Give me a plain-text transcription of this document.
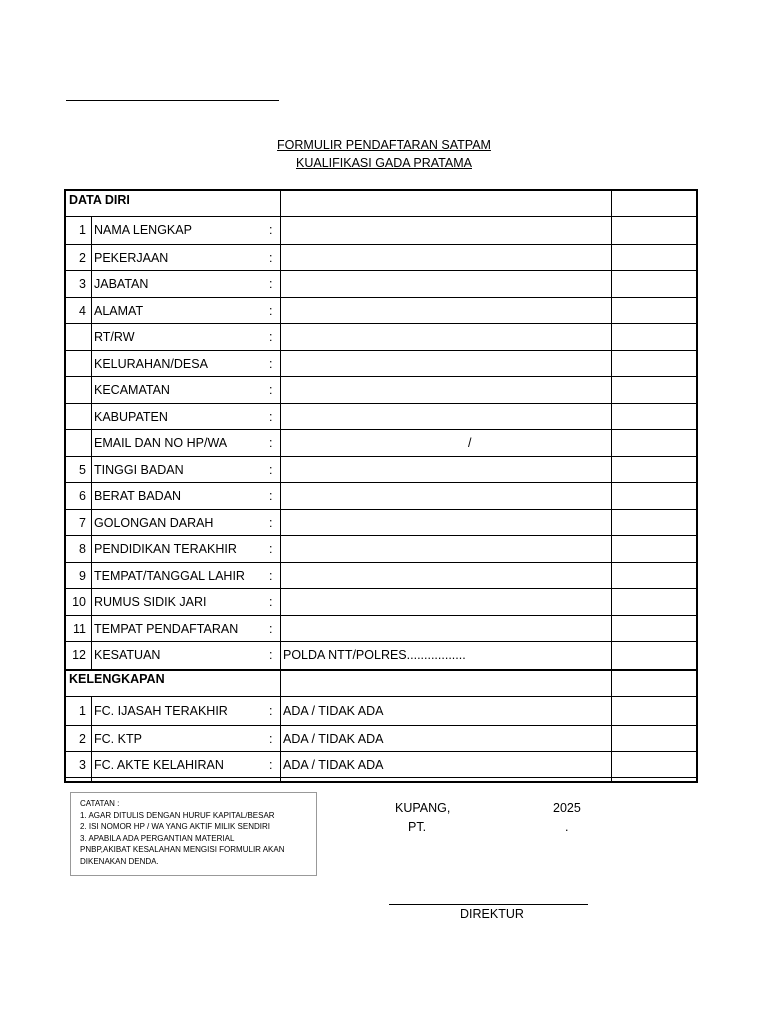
FORMULIR PENDAFTARAN SATPAM
KUALIFIKASI GADA PRATAMA
DATA DIRI
1 NAMA LENGKAP	:
2 PEKERJAAN	:
3 JABATAN	:
4 ALAMAT	:
RT/RW	:
KELURAHAN/DESA	:
KECAMATAN	:
KABUPATEN	:
EMAIL DAN NO HP/WA	:	/
5 TINGGI BADAN	:
6 BERAT BADAN	:
7 GOLONGAN DARAH	:
8 PENDIDIKAN TERAKHIR	:
9 TEMPAT/TANGGAL LAHIR	:
10 RUMUS SIDIK JARI	:
11 TEMPAT PENDAFTARAN	:
12 KESATUAN	: POLDA NTT/POLRES.................
KELENGKAPAN
1 FC. IJASAH TERAKHIR	: ADA / TIDAK ADA
2 FC. KTP	: ADA / TIDAK ADA
3 FC. AKTE KELAHIRAN	: ADA / TIDAK ADA
CATATAN :
1. AGAR DITULIS DENGAN HURUF KAPITAL/BESAR
2. ISI NOMOR HP / WA YANG AKTIF MILIK SENDIRI
3. APABILA ADA PERGANTIAN MATERIAL
PNBP,AKIBAT KESALAHAN MENGISI FORMULIR AKAN
DIKENAKAN DENDA.
KUPANG,	2025
PT.	.
DIREKTUR
